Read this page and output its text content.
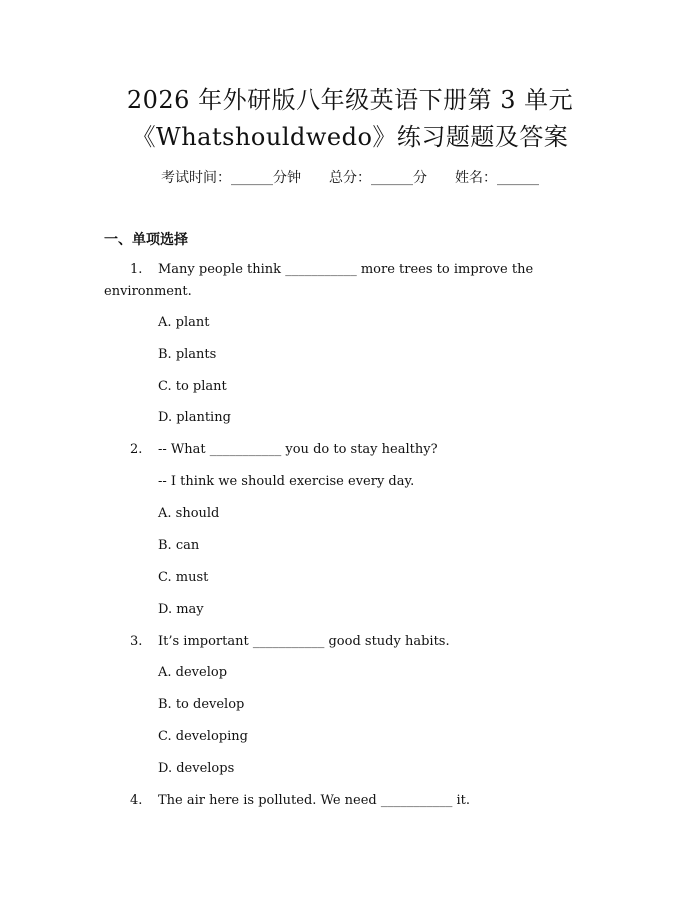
2026 年外研版八年级英语下册第 3 单元
《Whatshouldwedo》练习题题及答案
考试时间：______分钟 总分：______分 姓名：______
一、单项选择
1. Many people think ___________ more trees to improve the
environment.
A. plant
B. plants
C. to plant
D. planting
2. -- What ___________ you do to stay healthy?
-- I think we should exercise every day.
A. should
B. can
C. must
D. may
3. It’s important ___________ good study habits.
A. develop
B. to develop
C. developing
D. develops
4. The air here is polluted. We need ___________ it.
